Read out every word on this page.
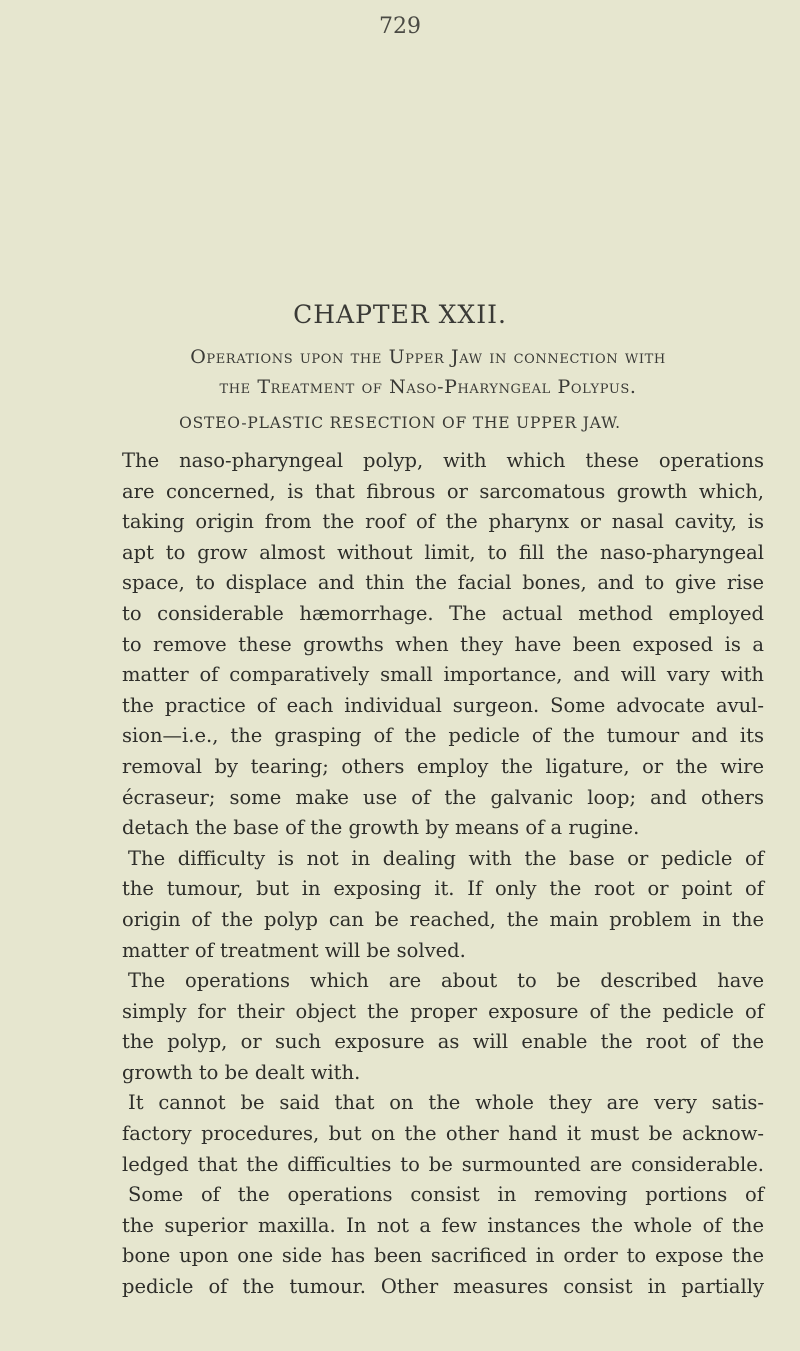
729
CHAPTER XXII.
Operations upon the Upper Jaw in connection with
the Treatment of Naso-Pharyngeal Polypus.
OSTEO-PLASTIC RESECTION OF THE UPPER JAW.
The naso-pharyngeal polyp, with which these operations
are concerned, is that fibrous or sarcomatous growth which,
taking origin from the roof of the pharynx or nasal cavity, is
apt to grow almost without limit, to fill the naso-pharyngeal
space, to displace and thin the facial bones, and to give rise
to considerable hæmorrhage. The actual method employed
to remove these growths when they have been exposed is a
matter of comparatively small importance, and will vary with
the practice of each individual surgeon. Some advocate avul-
sion—i.e., the grasping of the pedicle of the tumour and its
removal by tearing; others employ the ligature, or the wire
écraseur; some make use of the galvanic loop; and others
detach the base of the growth by means of a rugine.
The difficulty is not in dealing with the base or pedicle of
the tumour, but in exposing it. If only the root or point of
origin of the polyp can be reached, the main problem in the
matter of treatment will be solved.
The operations which are about to be described have
simply for their object the proper exposure of the pedicle of
the polyp, or such exposure as will enable the root of the
growth to be dealt with.
It cannot be said that on the whole they are very satis-
factory procedures, but on the other hand it must be acknow-
ledged that the difficulties to be surmounted are considerable.
Some of the operations consist in removing portions of
the superior maxilla. In not a few instances the whole of the
bone upon one side has been sacrificed in order to expose the
pedicle of the tumour. Other measures consist in partially
